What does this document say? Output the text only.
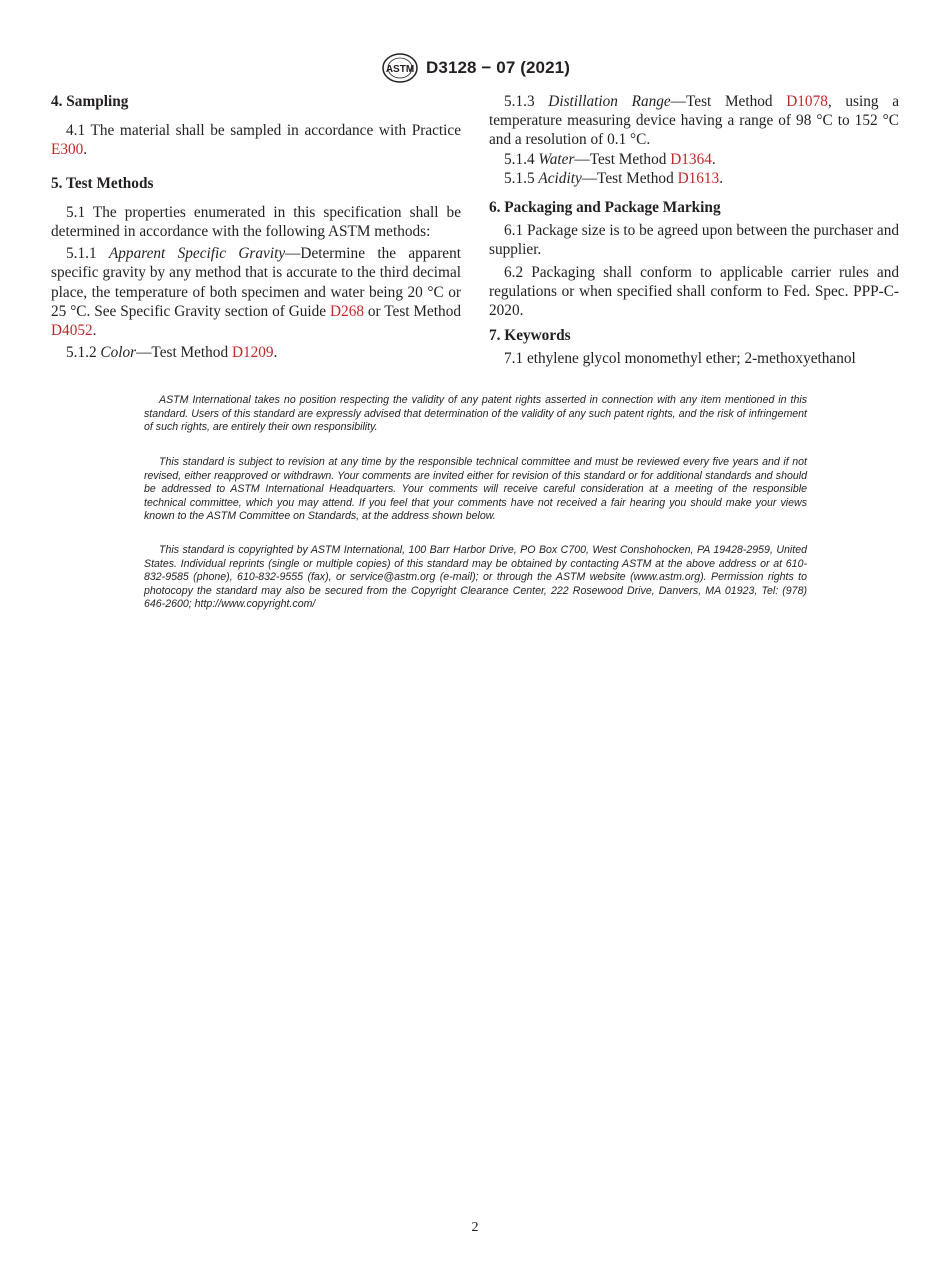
ASTM D3128 − 07 (2021)

4. Sampling

4.1 The material shall be sampled in accordance with Practice E300.

5. Test Methods

5.1 The properties enumerated in this specification shall be determined in accordance with the following ASTM methods:

5.1.1 Apparent Specific Gravity—Determine the apparent specific gravity by any method that is accurate to the third decimal place, the temperature of both specimen and water being 20 °C or 25 °C. See Specific Gravity section of Guide D268 or Test Method D4052.

5.1.2 Color—Test Method D1209.

5.1.3 Distillation Range—Test Method D1078, using a temperature measuring device having a range of 98 °C to 152 °C and a resolution of 0.1 °C.

5.1.4 Water—Test Method D1364.

5.1.5 Acidity—Test Method D1613.

6. Packaging and Package Marking

6.1 Package size is to be agreed upon between the purchaser and supplier.

6.2 Packaging shall conform to applicable carrier rules and regulations or when specified shall conform to Fed. Spec. PPP-C-2020.

7. Keywords

7.1 ethylene glycol monomethyl ether; 2-methoxyethanol

ASTM International takes no position respecting the validity of any patent rights asserted in connection with any item mentioned in this standard. Users of this standard are expressly advised that determination of the validity of any such patent rights, and the risk of infringement of such rights, are entirely their own responsibility.

This standard is subject to revision at any time by the responsible technical committee and must be reviewed every five years and if not revised, either reapproved or withdrawn. Your comments are invited either for revision of this standard or for additional standards and should be addressed to ASTM International Headquarters. Your comments will receive careful consideration at a meeting of the responsible technical committee, which you may attend. If you feel that your comments have not received a fair hearing you should make your views known to the ASTM Committee on Standards, at the address shown below.

This standard is copyrighted by ASTM International, 100 Barr Harbor Drive, PO Box C700, West Conshohocken, PA 19428-2959, United States. Individual reprints (single or multiple copies) of this standard may be obtained by contacting ASTM at the above address or at 610-832-9585 (phone), 610-832-9555 (fax), or service@astm.org (e-mail); or through the ASTM website (www.astm.org). Permission rights to photocopy the standard may also be secured from the Copyright Clearance Center, 222 Rosewood Drive, Danvers, MA 01923, Tel: (978) 646-2600; http://www.copyright.com/

2
